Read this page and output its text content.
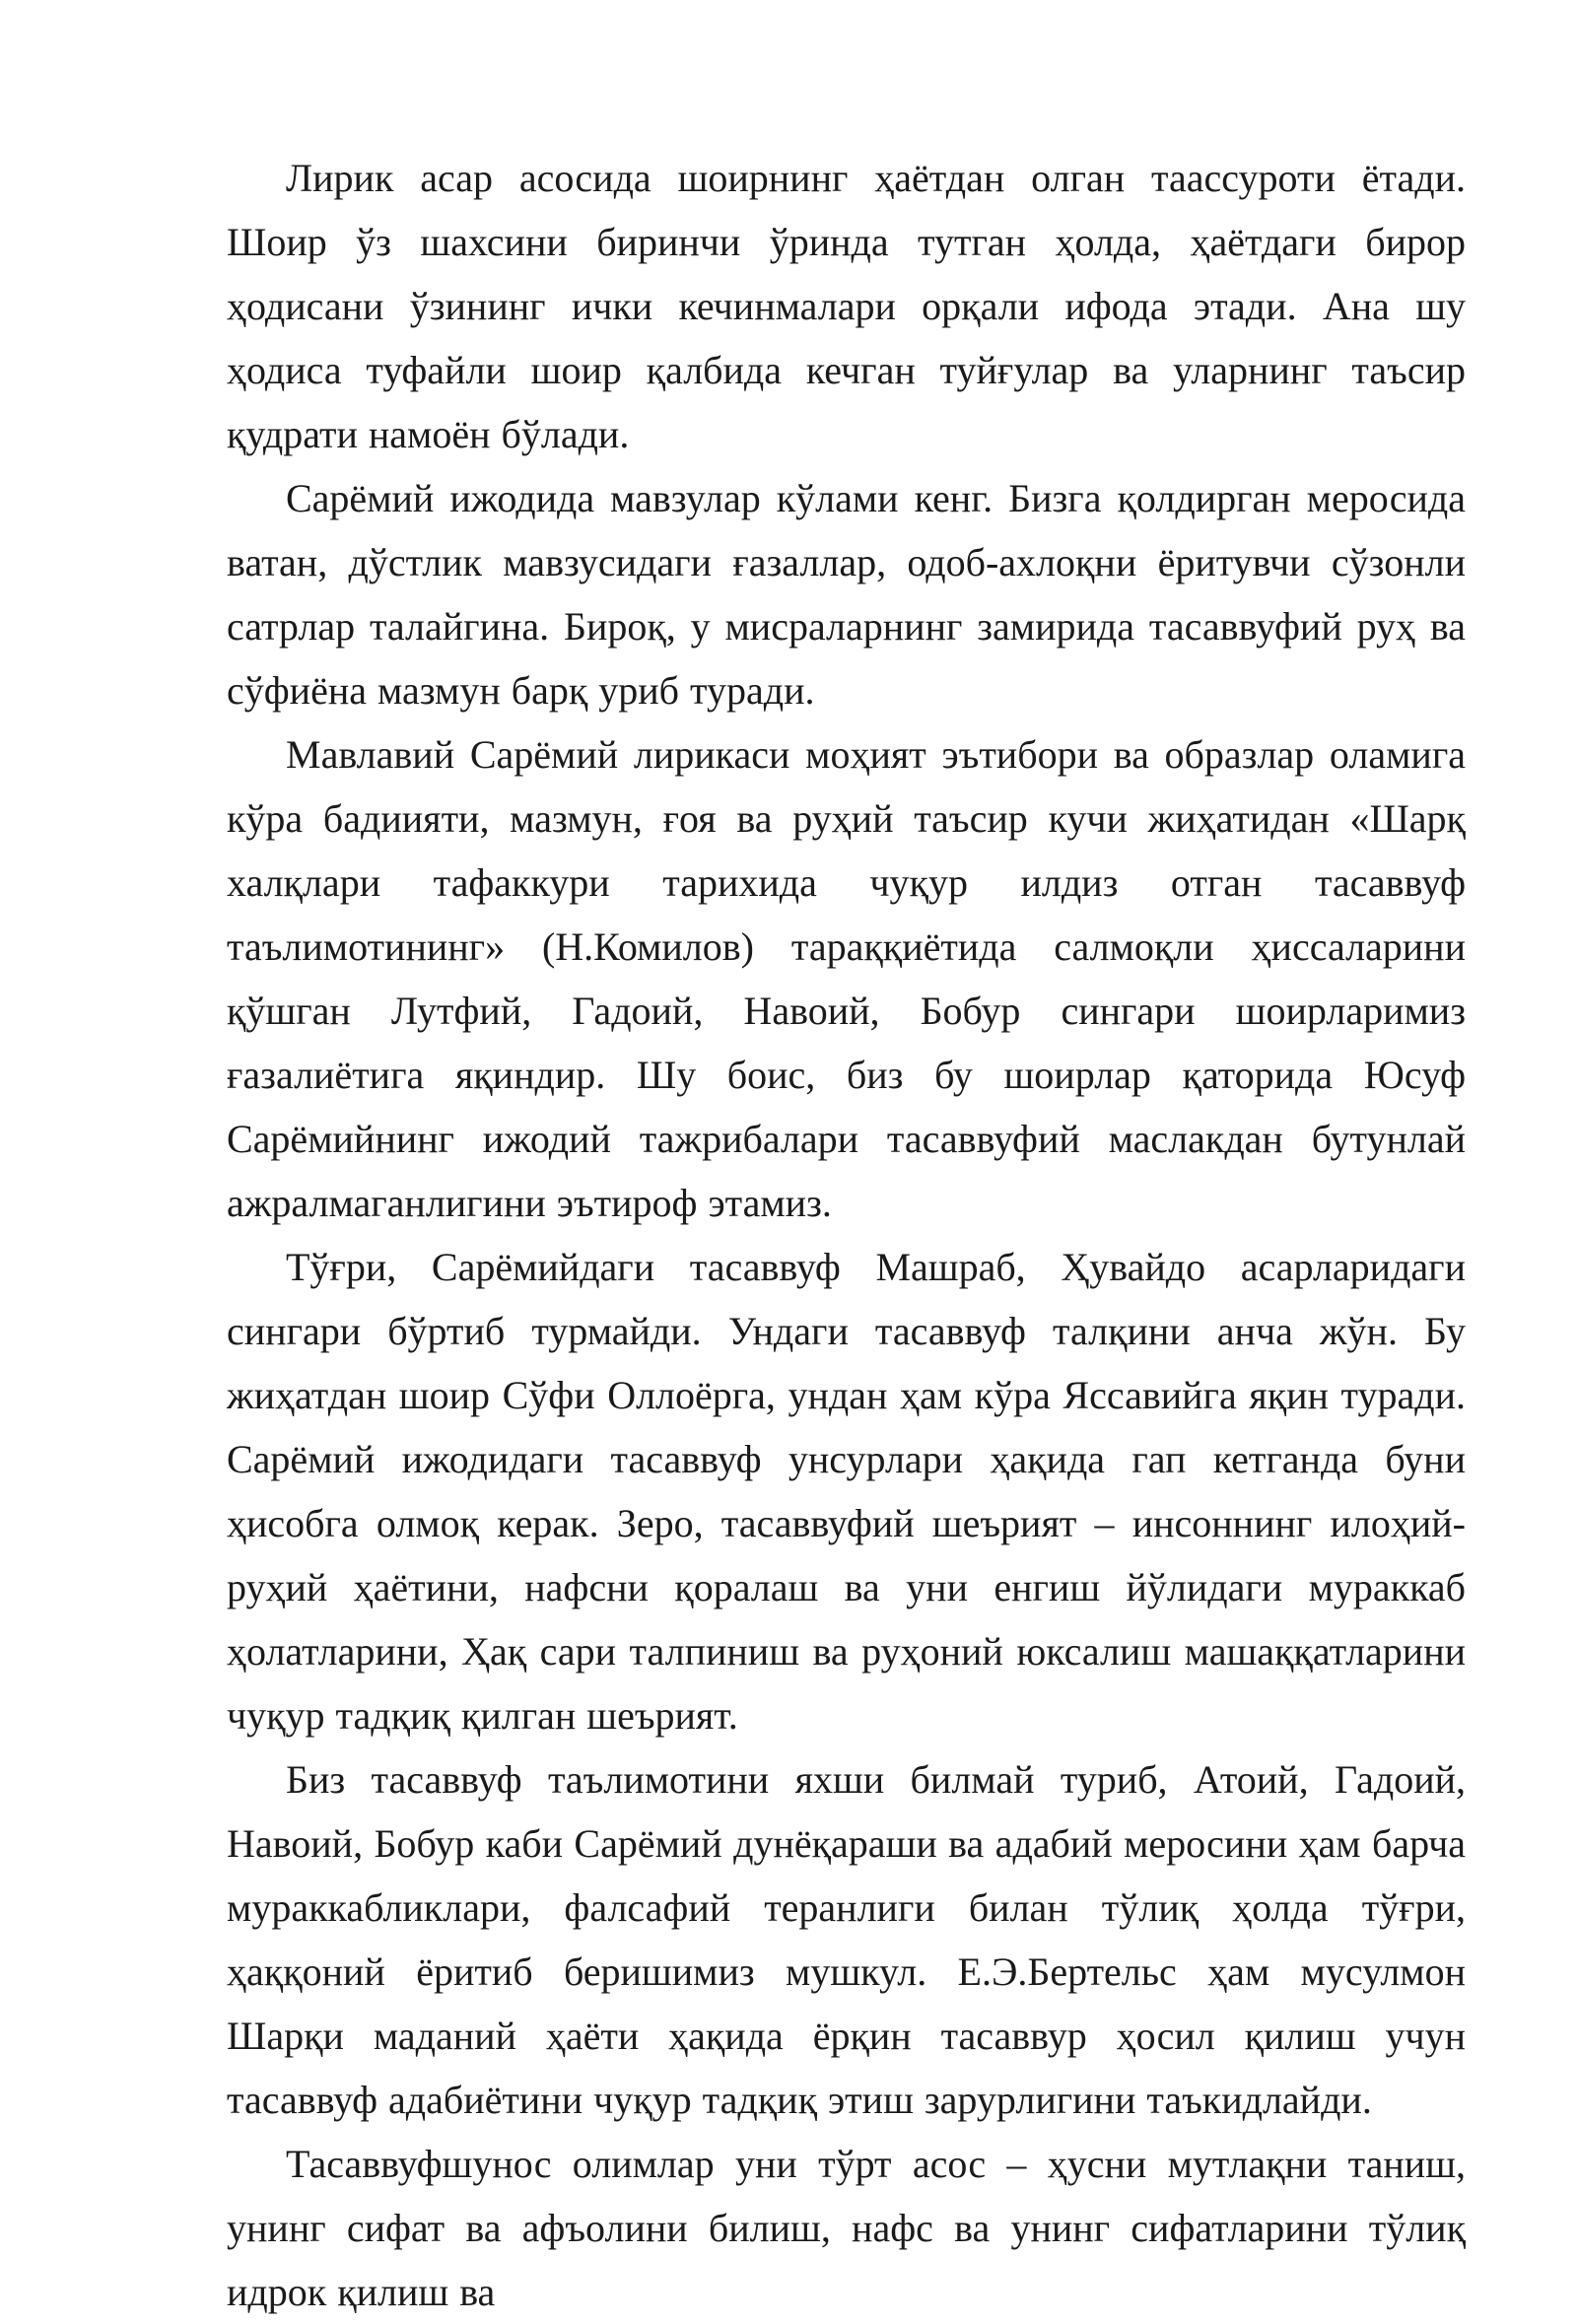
Лирик асар асосида шоирнинг ҳаётдан олган таассуроти ётади. Шоир ўз шахсини биринчи ўринда тутган ҳолда, ҳаётдаги бирор ҳодисани ўзининг ички кечинмалари орқали ифода этади. Ана шу ҳодиса туфайли шоир қалбида кечган туйғулар ва уларнинг таъсир қудрати намоён бўлади.

Сарёмий ижодида мавзулар кўлами кенг. Бизга қолдирган меросида ватан, дўстлик мавзусидаги ғазаллар, одоб-ахлоқни ёритувчи сўзонли сатрлар талайгина. Бироқ, у мисраларнинг замирида тасаввуфий руҳ ва сўфиёна мазмун барқ уриб туради.

Мавлавий Сарёмий лирикаси моҳият эътибори ва образлар оламига кўра бадиияти, мазмун, ғоя ва руҳий таъсир кучи жиҳатидан «Шарқ халқлари тафаккури тарихида чуқур илдиз отган тасаввуф таълимотининг» (Н.Комилов) тараққиётида салмоқли ҳиссаларини қўшган Лутфий, Гадоий, Навоий, Бобур сингари шоирларимиз ғазалиётига яқиндир. Шу боис, биз бу шоирлар қаторида Юсуф Сарёмийнинг ижодий тажрибалари тасаввуфий маслакдан бутунлай ажралмаганлигини эътироф этамиз.

Тўғри, Сарёмийдаги тасаввуф Машраб, Ҳувайдо асарларидаги сингари бўртиб турмайди. Ундаги тасаввуф талқини анча жўн. Бу жиҳатдан шоир Сўфи Оллоёрга, ундан ҳам кўра Яссавийга яқин туради. Сарёмий ижодидаги тасаввуф унсурлари ҳақида гап кетганда буни ҳисобга олмоқ керак. Зеро, тасаввуфий шеърият – инсоннинг илоҳий-руҳий ҳаётини, нафсни қоралаш ва уни енгиш йўлидаги мураккаб ҳолатларини, Ҳақ сари талпиниш ва руҳоний юксалиш машаққатларини чуқур тадқиқ қилган шеърият.

Биз тасаввуф таълимотини яхши билмай туриб, Атоий, Гадоий, Навоий, Бобур каби Сарёмий дунёқараши ва адабий меросини ҳам барча мураккабликлари, фалсафий теранлиги билан тўлиқ ҳолда тўғри, ҳаққоний ёритиб беришимиз мушкул. Е.Э.Бертельс ҳам мусулмон Шарқи маданий ҳаёти ҳақида ёрқин тасаввур ҳосил қилиш учун тасаввуф адабиётини чуқур тадқиқ этиш зарурлигини таъкидлайди.

Тасаввуфшунос олимлар уни тўрт асос – ҳусни мутлақни таниш, унинг сифат ва афъолини билиш, нафс ва унинг сифатларини тўлиқ идрок қилиш ва
